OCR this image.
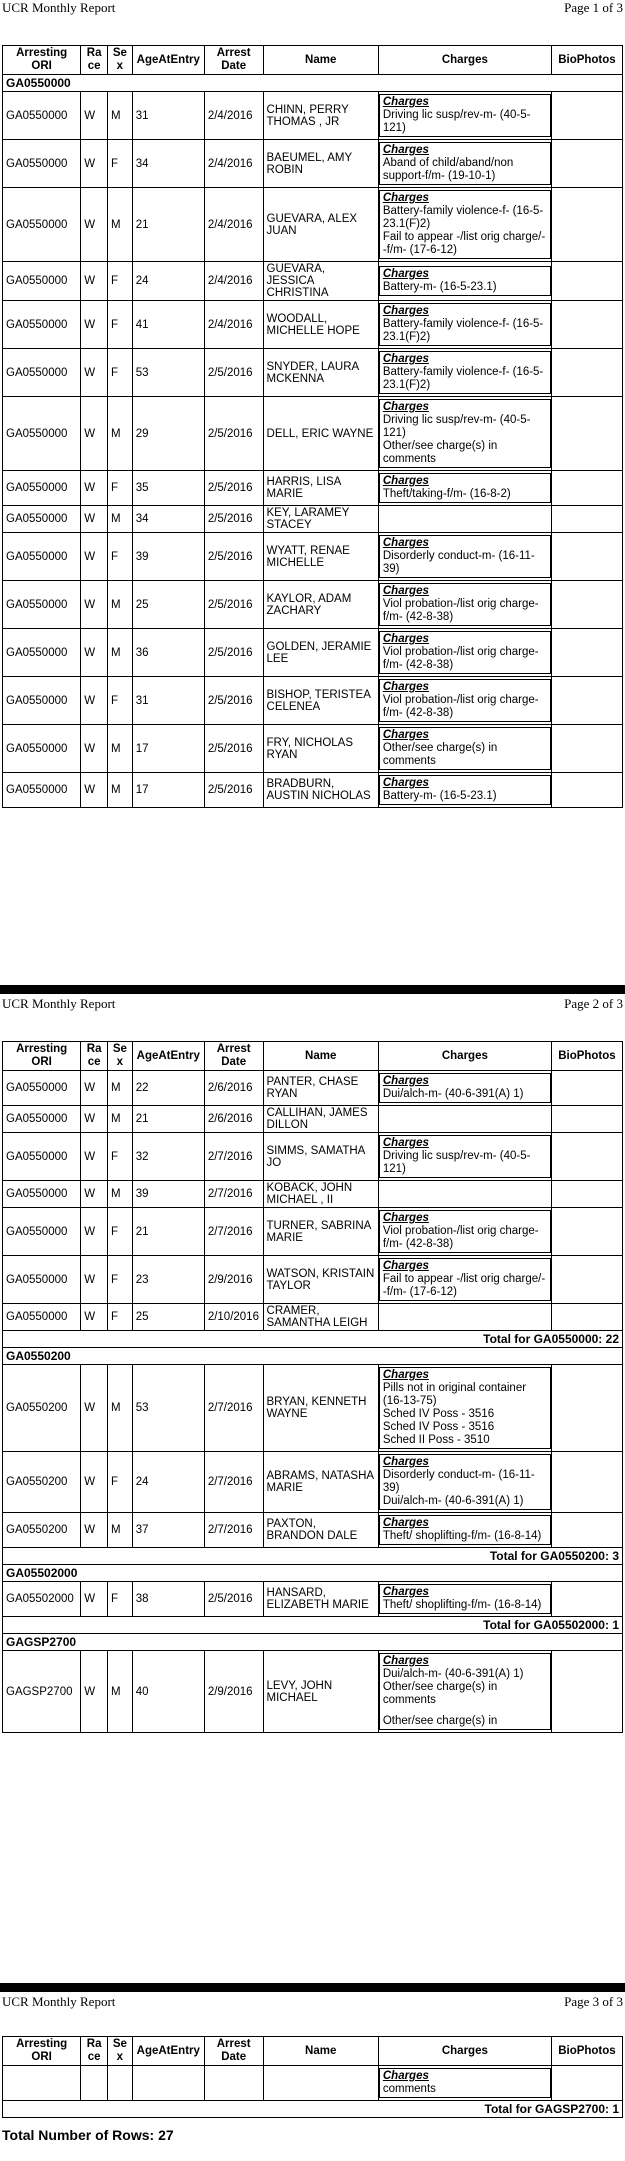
UCR Monthly Report	Page 1 of 3
Arresting ORI	Race	Sex	AgeAtEntry	Arrest Date	Name	Charges	BioPhotos
GA0550000							
GA0550000	W	M	31	2/4/2016	CHINN, PERRY THOMAS , JR	Charges
Driving lic susp/rev-m- (40-5-121)	

GA0550000	W	F	34	2/4/2016	BAEUMEL, AMY ROBIN	Charges
Aband of child/aband/non support-f/m- (19-10-1)	

GA0550000	W	M	21	2/4/2016	GUEVARA, ALEX JUAN	Charges
Battery-family violence-f- (16-5-23.1(F)2)
Fail to appear -/list orig charge/--f/m- (17-6-12)	

GA0550000	W	F	24	2/4/2016	GUEVARA, JESSICA CHRISTINA	Charges
Battery-m- (16-5-23.1)	

GA0550000	W	F	41	2/4/2016	WOODALL, MICHELLE HOPE	Charges
Battery-family violence-f- (16-5-23.1(F)2)	

GA0550000	W	F	53	2/5/2016	SNYDER, LAURA MCKENNA	Charges
Battery-family violence-f- (16-5-23.1(F)2)	

GA0550000	W	M	29	2/5/2016	DELL, ERIC WAYNE	Charges
Driving lic susp/rev-m- (40-5-121)
Other/see charge(s) in comments	

GA0550000	W	F	35	2/5/2016	HARRIS, LISA MARIE	Charges
Theft/taking-f/m- (16-8-2)	

GA0550000	W	M	34	2/5/2016	KEY, LARAMEY STACEY		
GA0550000	W	F	39	2/5/2016	WYATT, RENAE MICHELLE	Charges
Disorderly conduct-m- (16-11-39)	

GA0550000	W	M	25	2/5/2016	KAYLOR, ADAM ZACHARY	Charges
Viol probation-/list orig charge-f/m- (42-8-38)	

GA0550000	W	M	36	2/5/2016	GOLDEN, JERAMIE LEE	Charges
Viol probation-/list orig charge-f/m- (42-8-38)	

GA0550000	W	F	31	2/5/2016	BISHOP, TERISTEA CELENEA	Charges
Viol probation-/list orig charge-f/m- (42-8-38)	

GA0550000	W	M	17	2/5/2016	FRY, NICHOLAS RYAN	Charges
Other/see charge(s) in comments	

GA0550000	W	M	17	2/5/2016	BRADBURN, AUSTIN NICHOLAS	Charges
Battery-m- (16-5-23.1)	

UCR Monthly Report	Page 2 of 3
Arresting ORI	Race	Sex	AgeAtEntry	Arrest Date	Name	Charges	BioPhotos
GA0550000	W	M	22	2/6/2016	PANTER, CHASE RYAN	Charges
Dui/alch-m- (40-6-391(A) 1)	

GA0550000	W	M	21	2/6/2016	CALLIHAN, JAMES DILLON		
GA0550000	W	F	32	2/7/2016	SIMMS, SAMATHA JO	Charges
Driving lic susp/rev-m- (40-5-121)	

GA0550000	W	M	39	2/7/2016	KOBACK, JOHN MICHAEL , II		
GA0550000	W	F	21	2/7/2016	TURNER, SABRINA MARIE	Charges
Viol probation-/list orig charge-f/m- (42-8-38)	

GA0550000	W	F	23	2/9/2016	WATSON, KRISTAIN TAYLOR	Charges
Fail to appear -/list orig charge/--f/m- (17-6-12)	

GA0550000	W	F	25	2/10/2016	CRAMER, SAMANTHA LEIGH		
Total for GA0550000: 22							
GA0550200							
GA0550200	W	M	53	2/7/2016	BRYAN, KENNETH WAYNE	Charges
Pills not in original container (16-13-75)
Sched IV Poss - 3516
Sched IV Poss - 3516
Sched II Poss - 3510	

GA0550200	W	F	24	2/7/2016	ABRAMS, NATASHA MARIE	Charges
Disorderly conduct-m- (16-11-39)
Dui/alch-m- (40-6-391(A) 1)	

GA0550200	W	M	37	2/7/2016	PAXTON, BRANDON DALE	Charges
Theft/ shoplifting-f/m- (16-8-14)	

Total for GA0550200: 3							
GA05502000							
GA05502000	W	F	38	2/5/2016	HANSARD, ELIZABETH MARIE	Charges
Theft/ shoplifting-f/m- (16-8-14)	

Total for GA05502000: 1							
GAGSP2700							
GAGSP2700	W	M	40	2/9/2016	LEVY, JOHN MICHAEL	Charges
Dui/alch-m- (40-6-391(A) 1)
Other/see charge(s) in comments
Other/see charge(s) in	

UCR Monthly Report	Page 3 of 3
Arresting ORI	Race	Sex	AgeAtEntry	Arrest Date	Name	Charges	BioPhotos

						Charges
comments	

Total for GAGSP2700: 1							
Total Number of Rows: 27
